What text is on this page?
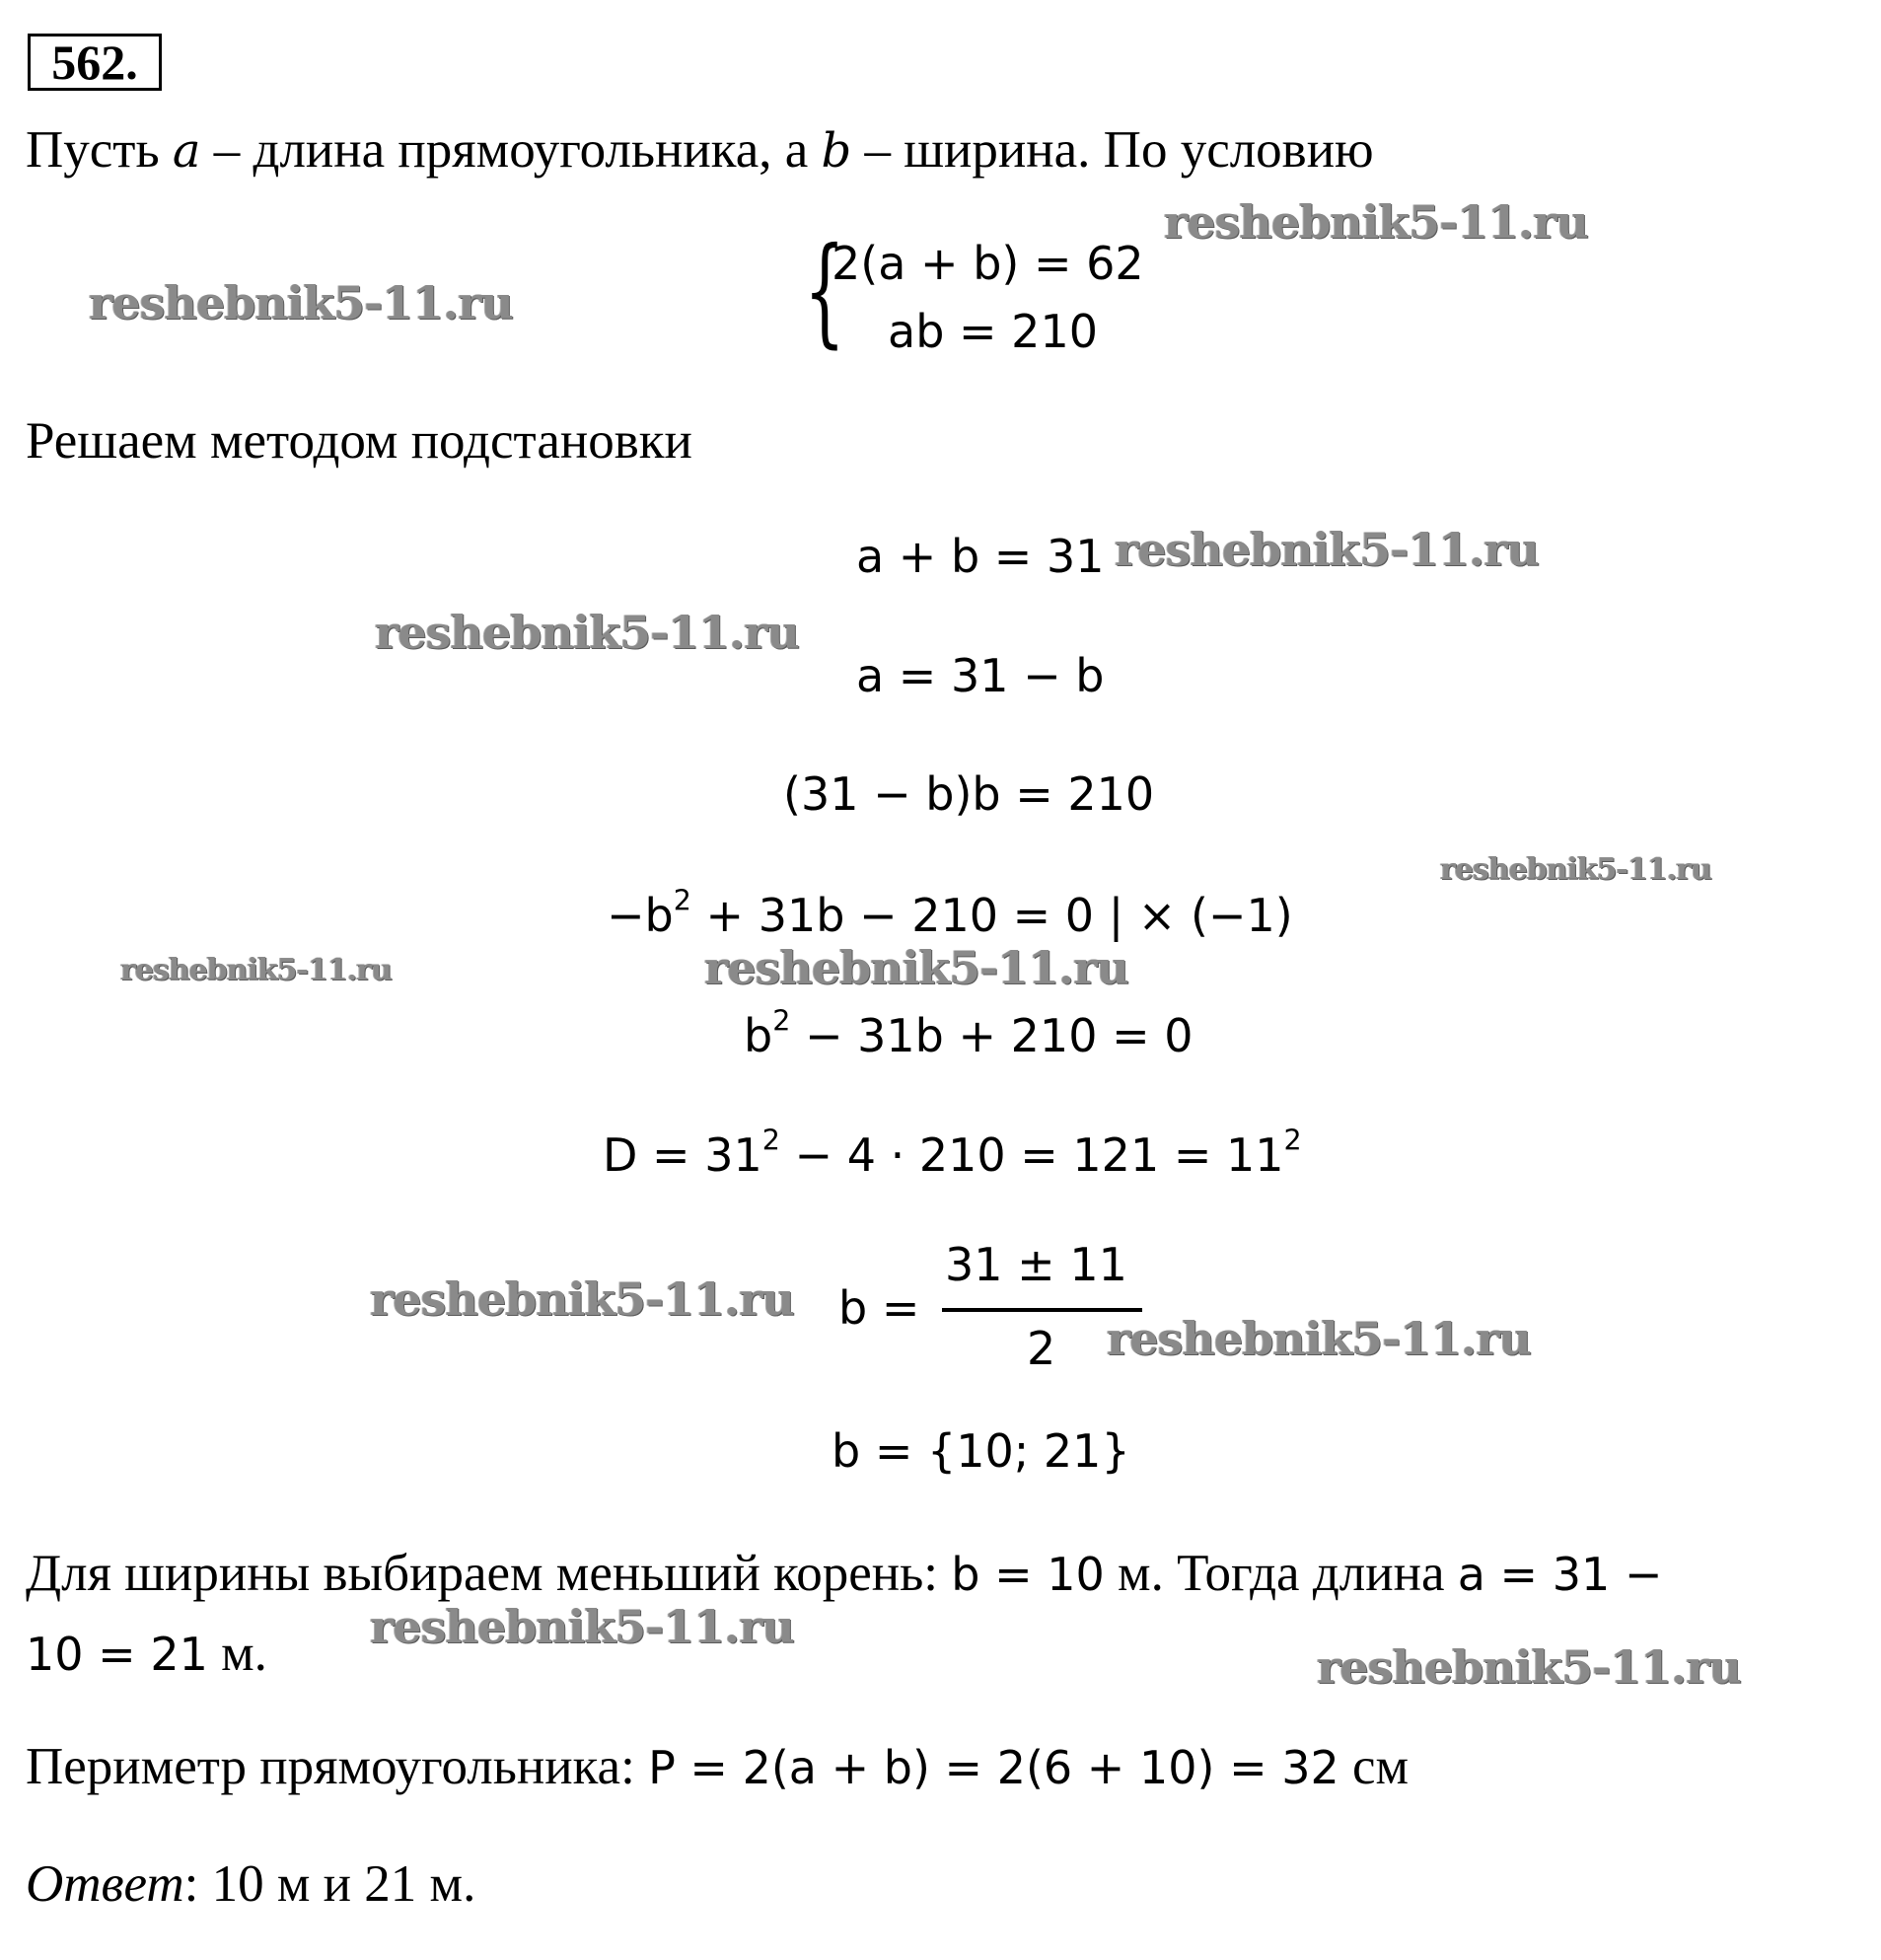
562.
Пусть a – длина прямоугольника, а b – ширина. По условию
{
2(a + b) = 62
ab = 210
Решаем методом подстановки
a + b = 31
a = 31 − b
(31 − b)b = 210
$-b^2 + 31b - 210 = 0$ | × (−1)
$b^2 - 31b + 210 = 0$
$D = 31^2 - 4 \cdot 210 = 121 = 11^2$
b =
31 ± 11
2
b = {10; 21}
Для ширины выбираем меньший корень: b = 10 м. Тогда длина a = 31 −
10 = 21 м.
Периметр прямоугольника: P = 2(a + b) = 2(6 + 10) = 32 см
Ответ: 10 м и 21 м.
reshebnik5-11.ru
reshebnik5-11.ru
reshebnik5-11.ru
reshebnik5-11.ru
reshebnik5-11.ru
reshebnik5-11.ru	reshebnik5-11.ru
reshebnik5-11.ru
reshebnik5-11.ru
reshebnik5-11.ru
reshebnik5-11.ru
